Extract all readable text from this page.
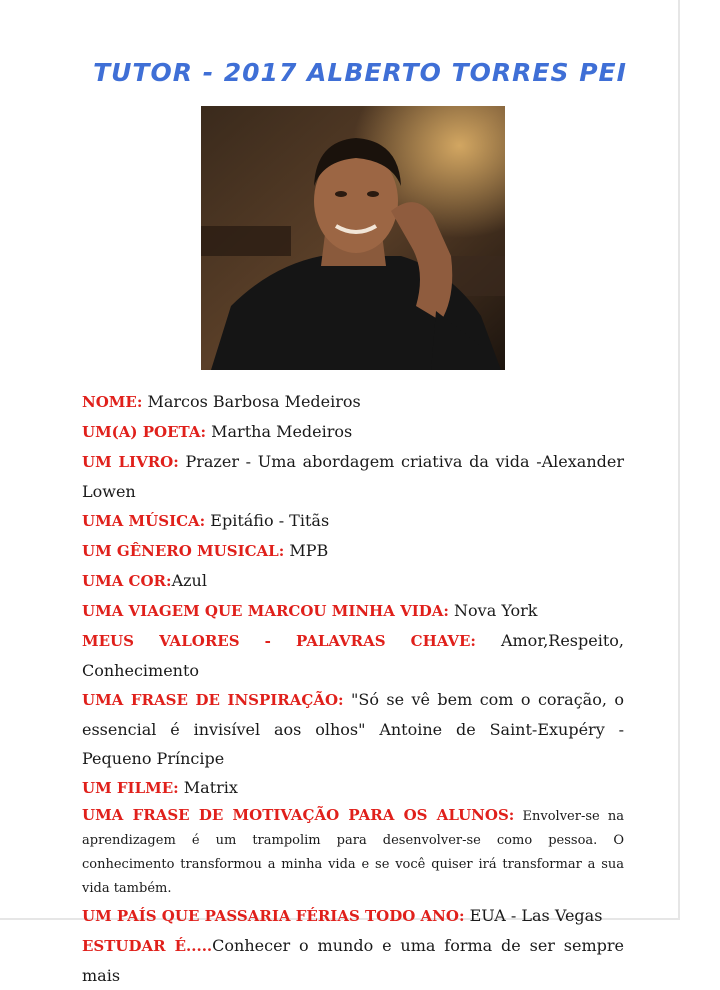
TUTOR - 2017 ALBERTO TORRES PEI

NOME: Marcos Barbosa Medeiros

UM(A) POETA: Martha Medeiros

UM LIVRO: Prazer - Uma abordagem criativa da vida -Alexander Lowen

UMA MÚSICA: Epitáfio - Titãs

UM GÊNERO MUSICAL: MPB

UMA COR:Azul

UMA VIAGEM QUE MARCOU MINHA VIDA: Nova York

MEUS VALORES - PALAVRAS CHAVE: Amor,Respeito, Conhecimento

UMA FRASE DE INSPIRAÇÃO: "Só se vê bem com o coração, o essencial é invisível aos olhos" Antoine de Saint-Exupéry - Pequeno Príncipe

UM FILME: Matrix

UMA FRASE DE MOTIVAÇÃO PARA OS ALUNOS: Envolver-se na aprendizagem é um trampolim para desenvolver-se como pessoa. O conhecimento transformou a minha vida e se você quiser irá transformar a sua vida também.

UM PAÍS QUE PASSARIA FÉRIAS TODO ANO: EUA - Las Vegas

ESTUDAR É.....Conhecer o mundo e uma forma de ser sempre mais
